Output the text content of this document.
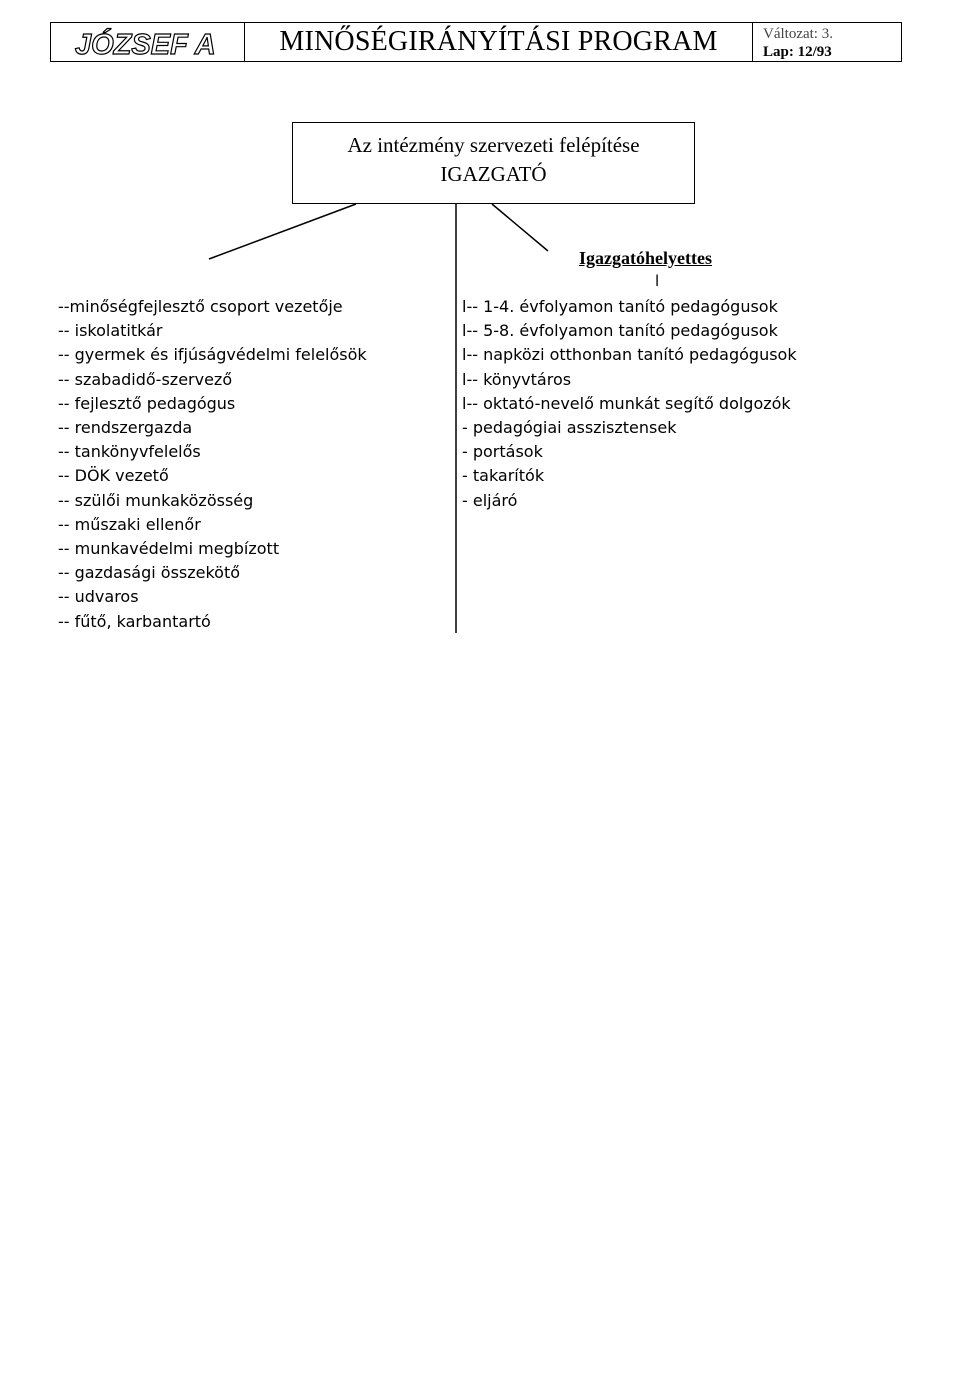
JÓZSEF A MINŐSÉGIRÁNYÍTÁSI PROGRAM	Változat: 3.
Lap: 12/93
Az intézmény szervezeti felépítése
IGAZGATÓ
Igazgatóhelyettes
l
--minőségfejlesztő csoport vezetője
-- iskolatitkár
-- gyermek és ifjúságvédelmi felelősök
-- szabadidő-szervező
-- fejlesztő pedagógus
-- rendszergazda
-- tankönyvfelelős
-- DÖK vezető
-- szülői munkaközösség
-- műszaki ellenőr
-- munkavédelmi megbízott
-- gazdasági összekötő
-- udvaros
-- fűtő, karbantartó
l-- 1-4. évfolyamon tanító pedagógusok
l-- 5-8. évfolyamon tanító pedagógusok
l-- napközi otthonban tanító pedagógusok
l-- könyvtáros
l-- oktató-nevelő munkát segítő dolgozók
- pedagógiai asszisztensek
- portások
- takarítók
- eljáró
